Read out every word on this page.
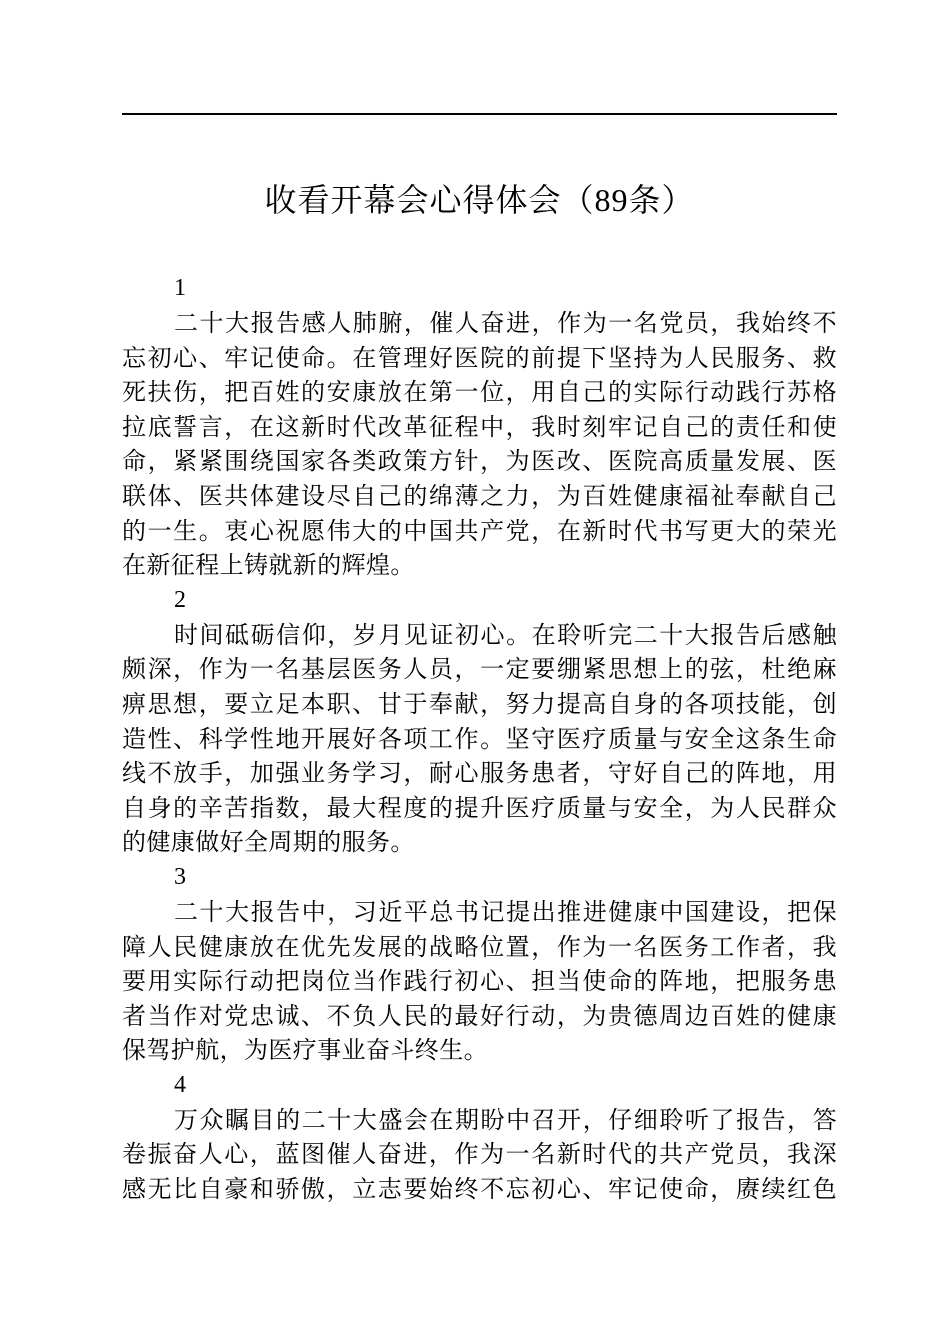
收看开幕会心得体会（89条）
1
二十大报告感人肺腑，催人奋进，作为一名党员，我始终不
忘初心、牢记使命。在管理好医院的前提下坚持为人民服务、救
死扶伤，把百姓的安康放在第一位，用自己的实际行动践行苏格
拉底誓言，在这新时代改革征程中，我时刻牢记自己的责任和使
命，紧紧围绕国家各类政策方针，为医改、医院高质量发展、医
联体、医共体建设尽自己的绵薄之力，为百姓健康福祉奉献自己
的一生。衷心祝愿伟大的中国共产党，在新时代书写更大的荣光
在新征程上铸就新的辉煌。
2
时间砥砺信仰，岁月见证初心。在聆听完二十大报告后感触
颇深，作为一名基层医务人员，一定要绷紧思想上的弦，杜绝麻
痹思想，要立足本职、甘于奉献，努力提高自身的各项技能，创
造性、科学性地开展好各项工作。坚守医疗质量与安全这条生命
线不放手，加强业务学习，耐心服务患者，守好自己的阵地，用
自身的辛苦指数，最大程度的提升医疗质量与安全，为人民群众
的健康做好全周期的服务。
3
二十大报告中，习近平总书记提出推进健康中国建设，把保
障人民健康放在优先发展的战略位置，作为一名医务工作者，我
要用实际行动把岗位当作践行初心、担当使命的阵地，把服务患
者当作对党忠诚、不负人民的最好行动，为贵德周边百姓的健康
保驾护航，为医疗事业奋斗终生。
4
万众瞩目的二十大盛会在期盼中召开，仔细聆听了报告，答
卷振奋人心，蓝图催人奋进，作为一名新时代的共产党员，我深
感无比自豪和骄傲，立志要始终不忘初心、牢记使命，赓续红色
